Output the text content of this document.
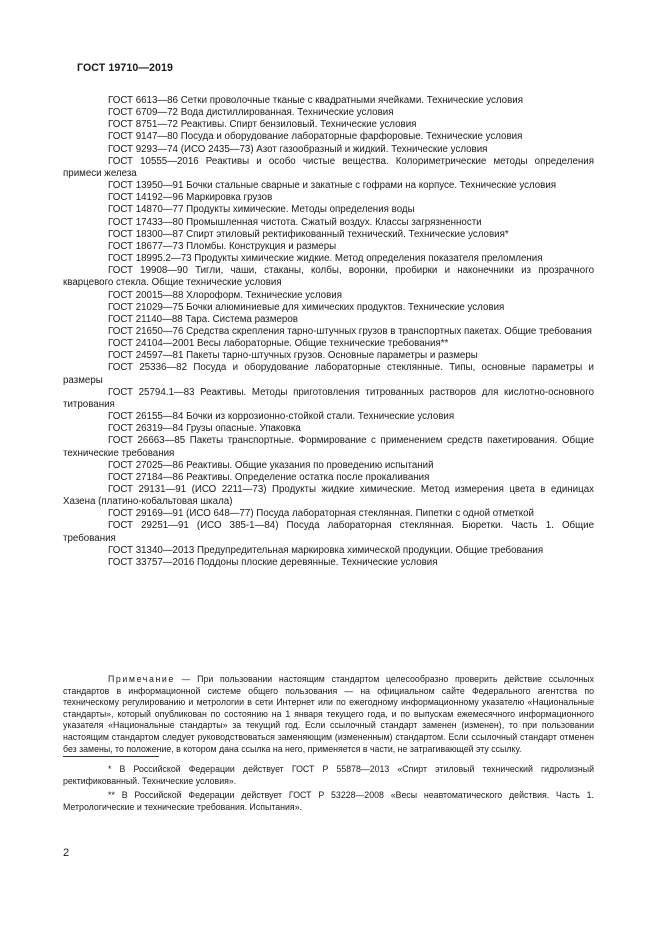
ГОСТ 19710—2019

ГОСТ 6613—86 Сетки проволочные тканые с квадратными ячейками. Технические условия

ГОСТ 6709—72 Вода дистиллированная. Технические условия

ГОСТ 8751—72 Реактивы. Спирт бензиловый. Технические условия

ГОСТ 9147—80 Посуда и оборудование лабораторные фарфоровые. Технические условия

ГОСТ 9293—74 (ИСО 2435—73) Азот газообразный и жидкий. Технические условия

ГОСТ 10555—2016 Реактивы и особо чистые вещества. Колориметрические методы определения примеси железа

ГОСТ 13950—91 Бочки стальные сварные и закатные с гофрами на корпусе. Технические условия

ГОСТ 14192—96 Маркировка грузов

ГОСТ 14870—77 Продукты химические. Методы определения воды

ГОСТ 17433—80 Промышленная чистота. Сжатый воздух. Классы загрязненности

ГОСТ 18300—87 Спирт этиловый ректификованный технический. Технические условия*

ГОСТ 18677—73 Пломбы. Конструкция и размеры

ГОСТ 18995.2—73 Продукты химические жидкие. Метод определения показателя преломления

ГОСТ 19908—90 Тигли, чаши, стаканы, колбы, воронки, пробирки и наконечники из прозрачного кварцевого стекла. Общие технические условия

ГОСТ 20015—88 Хлороформ. Технические условия

ГОСТ 21029—75 Бочки алюминиевые для химических продуктов. Технические условия

ГОСТ 21140—88 Тара. Система размеров

ГОСТ 21650—76 Средства скрепления тарно-штучных грузов в транспортных пакетах. Общие требования

ГОСТ 24104—2001 Весы лабораторные. Общие технические требования**

ГОСТ 24597—81 Пакеты тарно-штучных грузов. Основные параметры и размеры

ГОСТ 25336—82 Посуда и оборудование лабораторные стеклянные. Типы, основные параметры и размеры

ГОСТ 25794.1—83 Реактивы. Методы приготовления титрованных растворов для кислотно-основного титрования

ГОСТ 26155—84 Бочки из коррозионно-стойкой стали. Технические условия

ГОСТ 26319—84 Грузы опасные. Упаковка

ГОСТ 26663—85 Пакеты транспортные. Формирование с применением средств пакетирования. Общие технические требования

ГОСТ 27025—86 Реактивы. Общие указания по проведению испытаний

ГОСТ 27184—86 Реактивы. Определение остатка после прокаливания

ГОСТ 29131—91 (ИСО 2211—73) Продукты жидкие химические. Метод измерения цвета в единицах Хазена (платино-кобальтовая шкала)

ГОСТ 29169—91 (ИСО 648—77) Посуда лабораторная стеклянная. Пипетки с одной отметкой

ГОСТ 29251—91 (ИСО 385-1—84) Посуда лабораторная стеклянная. Бюретки. Часть 1. Общие требования

ГОСТ 31340—2013 Предупредительная маркировка химической продукции. Общие требования

ГОСТ 33757—2016 Поддоны плоские деревянные. Технические условия

Примечание — При пользовании настоящим стандартом целесообразно проверить действие ссылочных стандартов в информационной системе общего пользования — на официальном сайте Федерального агентства по техническому регулированию и метрологии в сети Интернет или по ежегодному информационному указателю «Национальные стандарты», который опубликован по состоянию на 1 января текущего года, и по выпускам ежемесячного информационного указателя «Национальные стандарты» за текущий год. Если ссылочный стандарт заменен (изменен), то при пользовании настоящим стандартом следует руководствоваться заменяющим (измененным) стандартом. Если ссылочный стандарт отменен без замены, то положение, в котором дана ссылка на него, применяется в части, не затрагивающей эту ссылку.
* В Российской Федерации действует ГОСТ Р 55878—2013 «Спирт этиловый технический гидролизный ректификованный. Технические условия».
** В Российской Федерации действует ГОСТ Р 53228—2008 «Весы неавтоматического действия. Часть 1. Метрологические и технические требования. Испытания».
2
